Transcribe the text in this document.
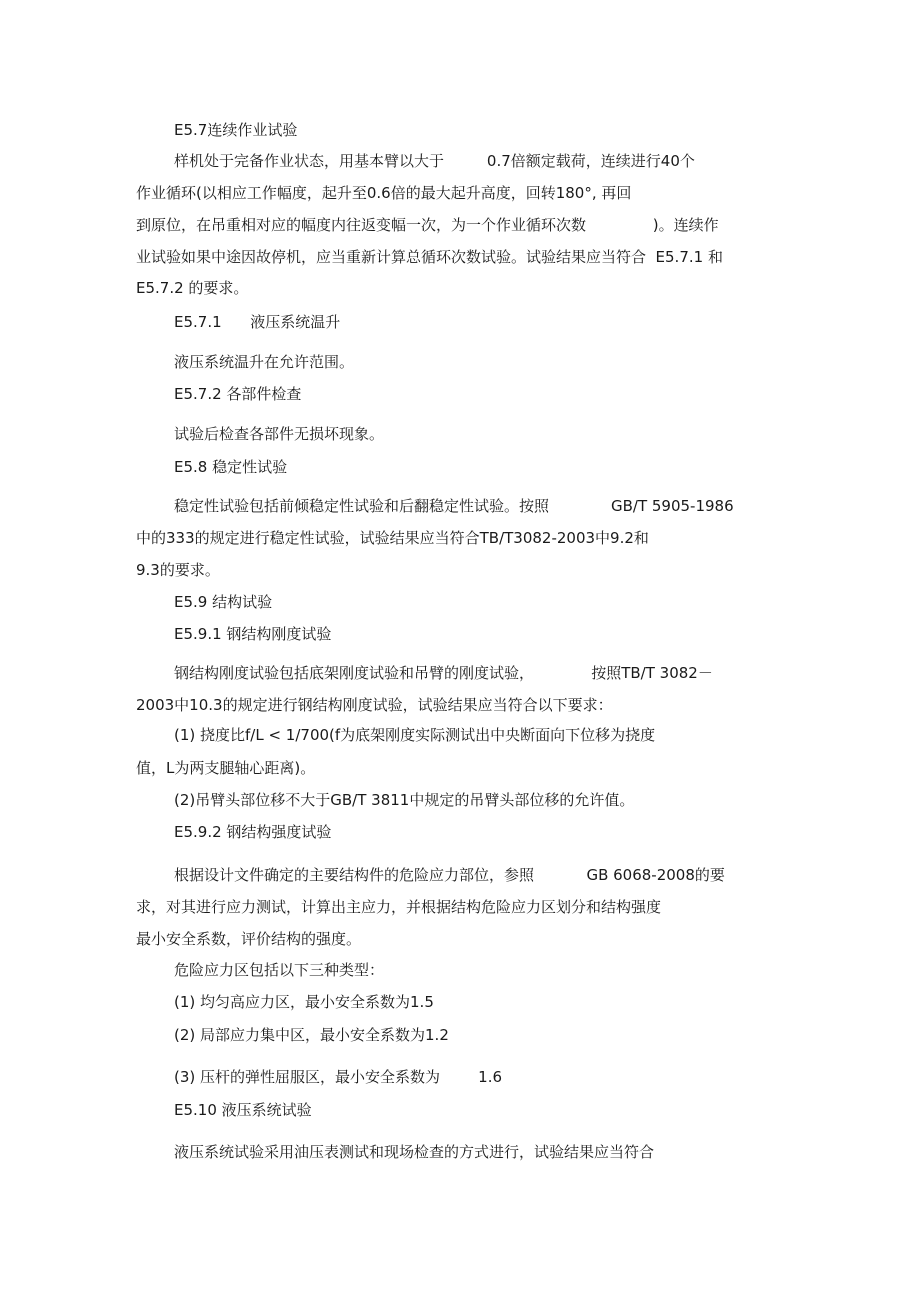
E5.7连续作业试验

样机处于完备作业状态，用基本臂以大于         0.7倍额定载荷，连续进行40个

作业循环(以相应工作幅度，起升至0.6倍的最大起升高度，回转180°, 再回

到原位，在吊重相对应的幅度内往返变幅一次，为一个作业循环次数              )。连续作

业试验如果中途因故停机，应当重新计算总循环次数试验。试验结果应当符合  E5.7.1 和

E5.7.2 的要求。

E5.7.1      液压系统温升

液压系统温升在允许范围。

E5.7.2 各部件检查

试验后检查各部件无损坏现象。

E5.8 稳定性试验

稳定性试验包括前倾稳定性试验和后翻稳定性试验。按照             GB/T 5905-1986

中的333的规定进行稳定性试验，试验结果应当符合TB/T3082-2003中9.2和

9.3的要求。

E5.9 结构试验

E5.9.1 钢结构刚度试验

钢结构刚度试验包括底架刚度试验和吊臂的刚度试验，            按照TB/T 3082－

2003中10.3的规定进行钢结构刚度试验，试验结果应当符合以下要求：

(1) 挠度比f/L < 1/700(f为底架刚度实际测试出中央断面向下位移为挠度

值，L为两支腿轴心距离)。

(2)吊臂头部位移不大于GB/T 3811中规定的吊臂头部位移的允许值。

E5.9.2 钢结构强度试验

根据设计文件确定的主要结构件的危险应力部位，参照           GB 6068-2008的要

求，对其进行应力测试，计算出主应力，并根据结构危险应力区划分和结构强度

最小安全系数，评价结构的强度。

危险应力区包括以下三种类型：

(1) 均匀高应力区，最小安全系数为1.5

(2) 局部应力集中区，最小安全系数为1.2

(3) 压杆的弹性屈服区，最小安全系数为        1.6

E5.10 液压系统试验

液压系统试验采用油压表测试和现场检查的方式进行，试验结果应当符合
